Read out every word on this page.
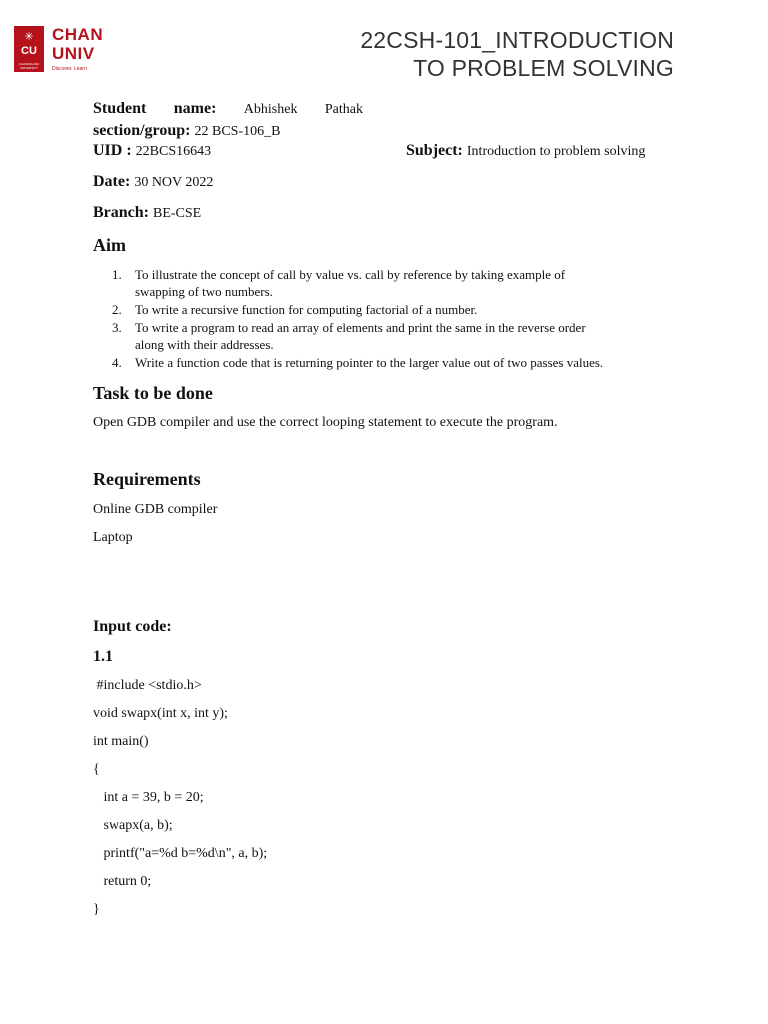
✳
CU
CHANDIGARH UNIVERSITY
CHAN
UNIV
Discover. Learn
22CSH-101_INTRODUCTION
TO PROBLEM SOLVING
Student name: Abhishek Pathak
section/group: 22 BCS-106_B
UID : 22BCS16643	Subject: Introduction to problem solving
Date: 30 NOV 2022
Branch: BE-CSE
Aim
1. To illustrate the concept of call by value vs. call by reference by taking example of
swapping of two numbers.
2. To write a recursive function for computing factorial of a number.
3. To write a program to read an array of elements and print the same in the reverse order
along with their addresses.
4. Write a function code that is returning pointer to the larger value out of two passes values.
Task to be done
Open GDB compiler and use the correct looping statement to execute the program.
Requirements
Online GDB compiler
Laptop
Input code:
1.1
#include <stdio.h>
void swapx(int x, int y);
int main()
{
int a = 39, b = 20;
swapx(a, b);
printf("a=%d b=%d\n", a, b);
return 0;
}
